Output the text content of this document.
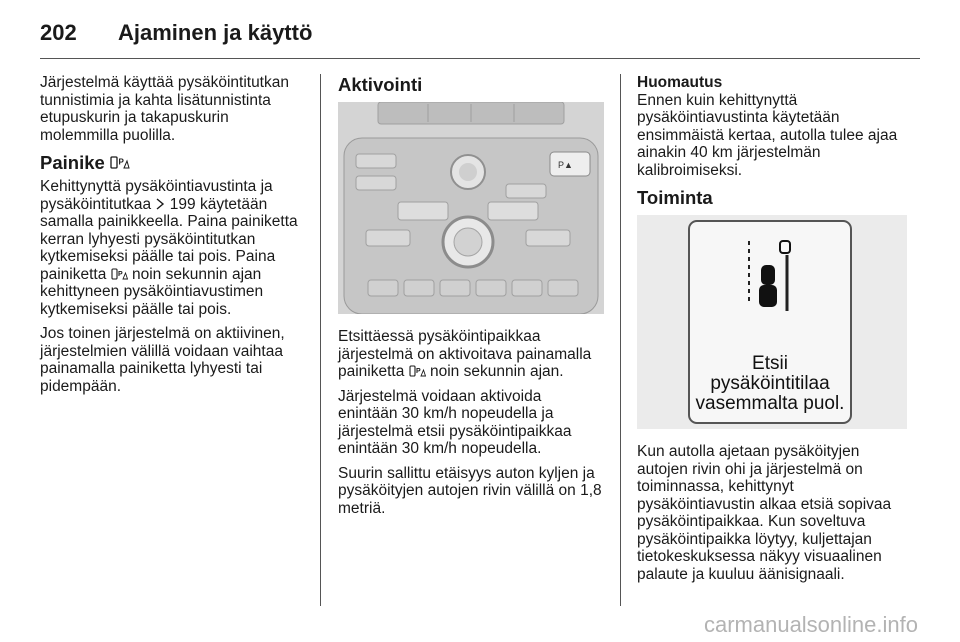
202 Ajaminen ja käyttö

Järjestelmä käyttää pysäköintitutkan tunnistimia ja kahta lisätunnistinta etupuskurin ja takapuskurin molemmilla puolilla.

Painike P

Kehittynyttä pysäköintiavustinta ja pysäköintitutkaa 199 käytetään samalla painikkeella. Paina painiketta kerran lyhyesti pysäköintitutkan kytkemiseksi päälle tai pois. Paina painiketta P noin sekunnin ajan kehittyneen pysäköintiavustimen kytkemiseksi päälle tai pois.

Jos toinen järjestelmä on aktiivinen, järjestelmien välillä voidaan vaihtaa painamalla painiketta lyhyesti tai pidempään.

Aktivointi
P▲

Etsittäessä pysäköintipaikkaa järjestelmä on aktivoitava painamalla painiketta P noin sekunnin ajan.

Järjestelmä voidaan aktivoida enintään 30 km/h nopeudella ja järjestelmä etsii pysäköintipaikkaa enintään 30 km/h nopeudella.

Suurin sallittu etäisyys auton kyljen ja pysäköityjen autojen rivin välillä on 1,8 metriä.

Huomautus

Ennen kuin kehittynyttä pysäköintiavustinta käytetään ensimmäistä kertaa, autolla tulee ajaa ainakin 40 km järjestelmän kalibroimiseksi.

Toiminta
Etsii
pysäköintitilaa
vasemmalta puol.

Kun autolla ajetaan pysäköityjen autojen rivin ohi ja järjestelmä on toiminnassa, kehittynyt pysäköintiavustin alkaa etsiä sopivaa pysäköintipaikkaa. Kun soveltuva pysäköintipaikka löytyy, kuljettajan tietokeskuksessa näkyy visuaalinen palaute ja kuuluu äänisignaali.

carmanualsonline.info
